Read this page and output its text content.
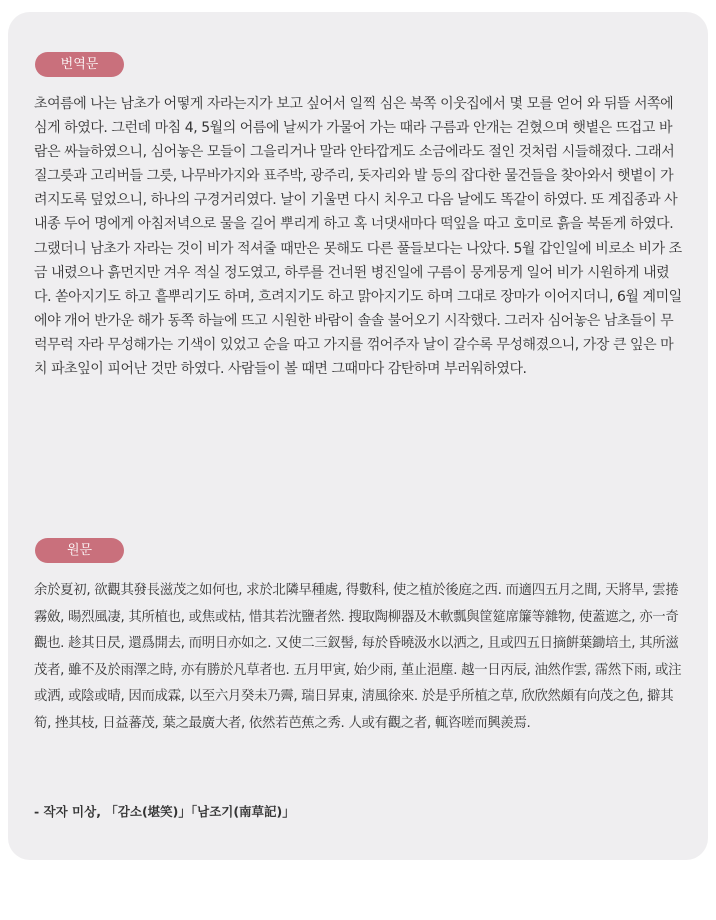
번역문
초여름에 나는 남초가 어떻게 자라는지가 보고 싶어서 일찍 심은 북쪽 이웃집에서 몇 모를 얻어 와 뒤뜰 서쪽에 심게 하였다. 그런데 마침 4, 5월의 어름에 날씨가 가물어 가는 때라 구름과 안개는 걷혔으며 햇볕은 뜨겁고 바람은 싸늘하였으니, 심어놓은 모들이 그을리거나 말라 안타깝게도 소금에라도 절인 것처럼 시들해졌다. 그래서 질그릇과 고리버들 그릇, 나무바가지와 표주박, 광주리, 돗자리와 발 등의 잡다한 물건들을 찾아와서 햇볕이 가려지도록 덮었으니, 하나의 구경거리였다. 날이 기울면 다시 치우고 다음 날에도 똑같이 하였다. 또 계집종과 사내종 두어 명에게 아침저녁으로 물을 길어 뿌리게 하고 혹 너댓새마다 떡잎을 따고 호미로 흙을 북돋게 하였다. 그랬더니 남초가 자라는 것이 비가 적셔줄 때만은 못해도 다른 풀들보다는 나았다. 5월 갑인일에 비로소 비가 조금 내렸으나 흙먼지만 겨우 적실 정도였고, 하루를 건너뛴 병진일에 구름이 뭉게뭉게 일어 비가 시원하게 내렸다. 쏟아지기도 하고 흩뿌리기도 하며, 흐려지기도 하고 맑아지기도 하며 그대로 장마가 이어지더니, 6월 계미일에야 개어 반가운 해가 동쪽 하늘에 뜨고 시원한 바람이 솔솔 불어오기 시작했다. 그러자 심어놓은 남초들이 무럭무럭 자라 무성해가는 기색이 있었고 순을 따고 가지를 꺾어주자 날이 갈수록 무성해졌으니, 가장 큰 잎은 마치 파초잎이 피어난 것만 하였다. 사람들이 볼 때면 그때마다 감탄하며 부러워하였다.
원문
余於夏初, 欲觀其發長滋茂之如何也, 求於北隣早種處, 得數科, 使之植於後庭之西. 而適四五月之間, 天將旱, 雲捲霧斂, 暘烈風凄, 其所植也, 或焦或枯, 惜其若沈鹽者然. 搜取陶柳器及木軟瓢與筐筵席簾等雜物, 使蓋遮之, 亦一奇觀也. 趁其日昃, 還爲開去, 而明日亦如之. 又使二三釵髻, 每於昏曉汲水以洒之, 且或四五日摘餠葉鋤培土, 其所滋茂者, 雖不及於雨澤之時, 亦有勝於凡草者也. 五月甲寅, 始少雨, 堇止浥塵. 越一日丙辰, 油然作雲, 霈然下雨, 或注或洒, 或陰或晴, 因而成霖, 以至六月癸未乃霽, 瑞日昇東, 淸風徐來. 於是乎所植之草, 欣欣然頗有向茂之色, 擗其筍, 挫其枝, 日益蕃茂, 葉之最廣大者, 依然若芭蕉之秀. 人或有觀之者, 輒咨嗟而興羨焉.
- 작자 미상, 「감소(堪笑)」「남조기(南草記)」
